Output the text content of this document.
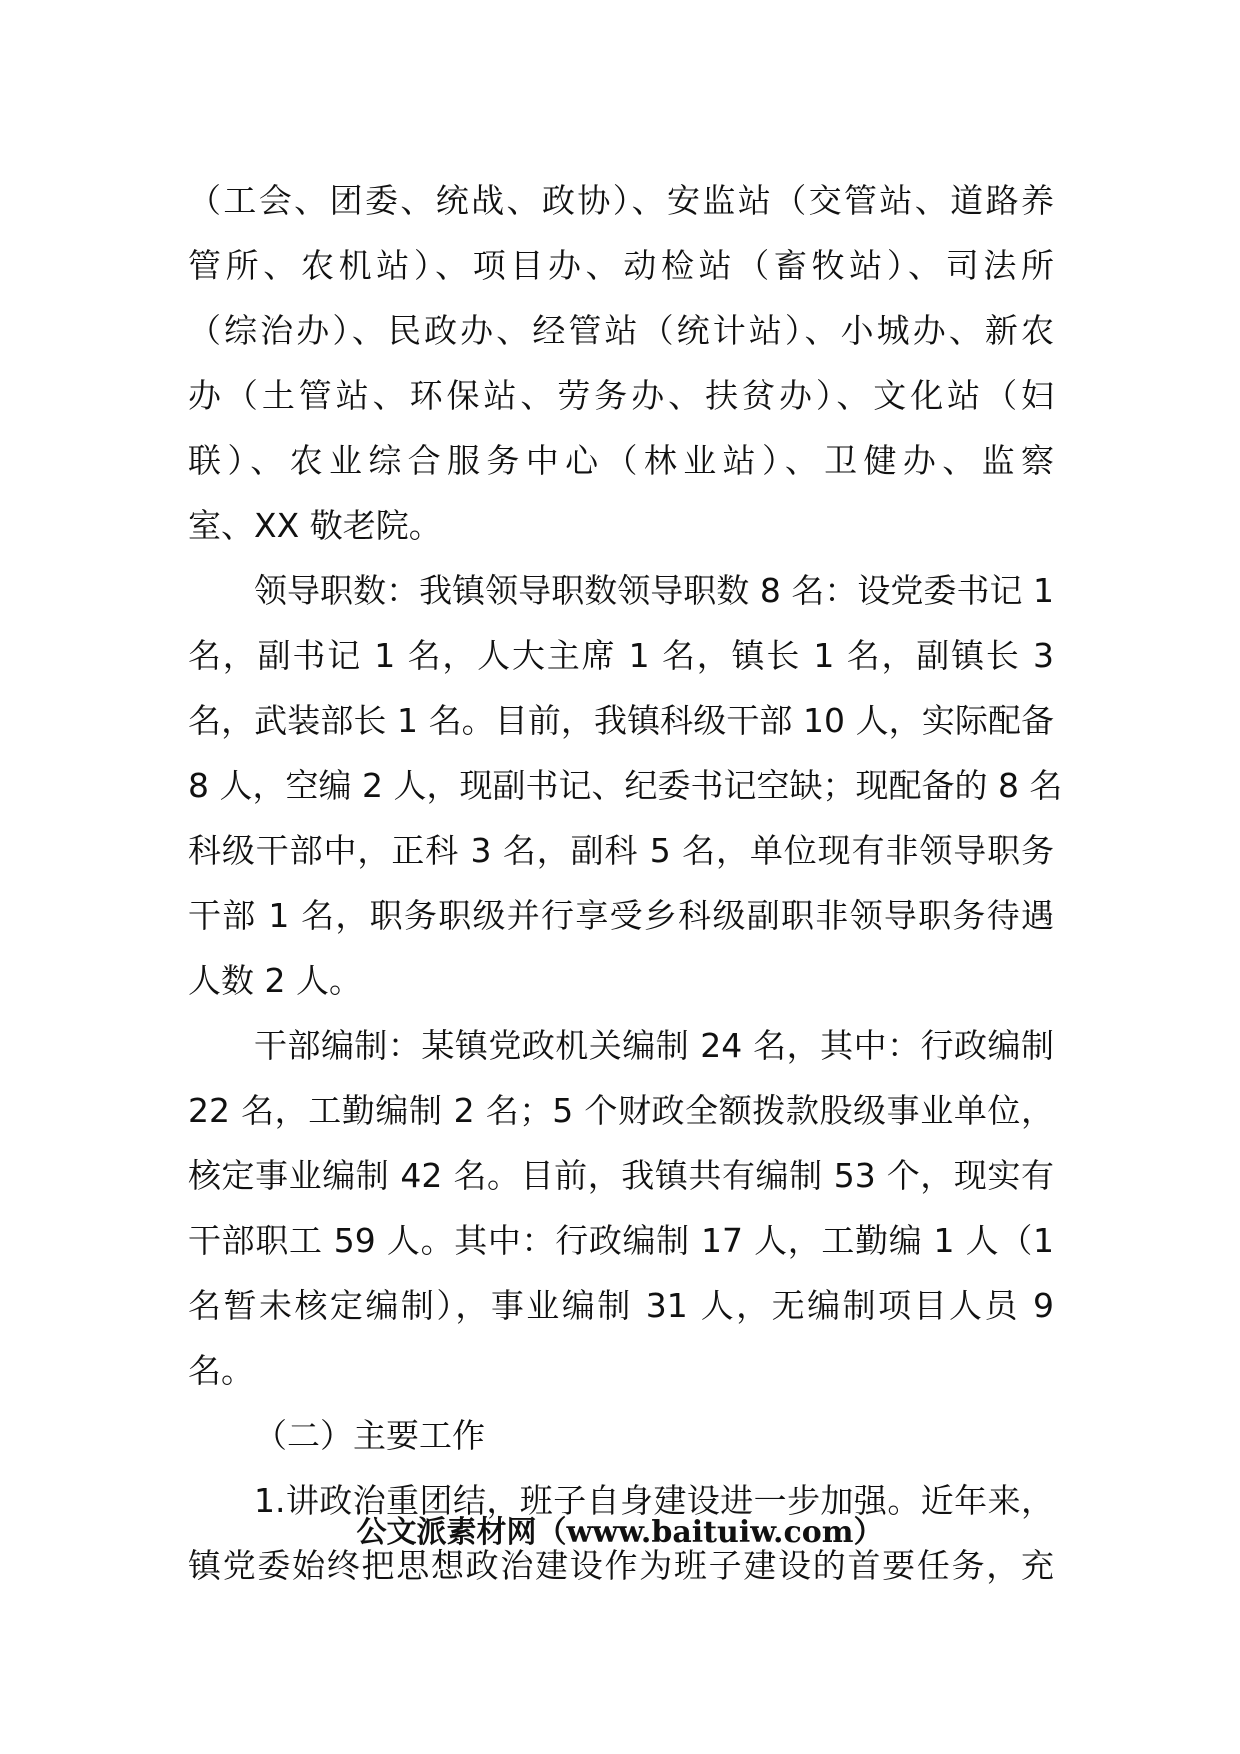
（工会、团委、统战、政协）、安监站（交管站、道路养
管所、农机站）、项目办、动检站（畜牧站）、司法所
（综治办）、民政办、经管站（统计站）、小城办、新农
办（土管站、环保站、劳务办、扶贫办）、文化站（妇
联）、农业综合服务中心（林业站）、卫健办、监察
室、XX 敬老院。
领导职数：我镇领导职数领导职数 8 名：设党委书记 1
名，副书记 1 名，人大主席 1 名，镇长 1 名，副镇长 3
名，武装部长 1 名。目前，我镇科级干部 10 人，实际配备
8 人，空编 2 人，现副书记、纪委书记空缺；现配备的 8 名
科级干部中，正科 3 名，副科 5 名，单位现有非领导职务
干部 1 名，职务职级并行享受乡科级副职非领导职务待遇
人数 2 人。
干部编制：某镇党政机关编制 24 名，其中：行政编制
22 名，工勤编制 2 名；5 个财政全额拨款股级事业单位，
核定事业编制 42 名。目前，我镇共有编制 53 个，现实有
干部职工 59 人。其中：行政编制 17 人，工勤编 1 人（1
名暂未核定编制），事业编制 31 人，无编制项目人员 9
名。
（二）主要工作
1.讲政治重团结，班子自身建设进一步加强。近年来，
镇党委始终把思想政治建设作为班子建设的首要任务，充
公文派素材网（www.baituiw.com）
